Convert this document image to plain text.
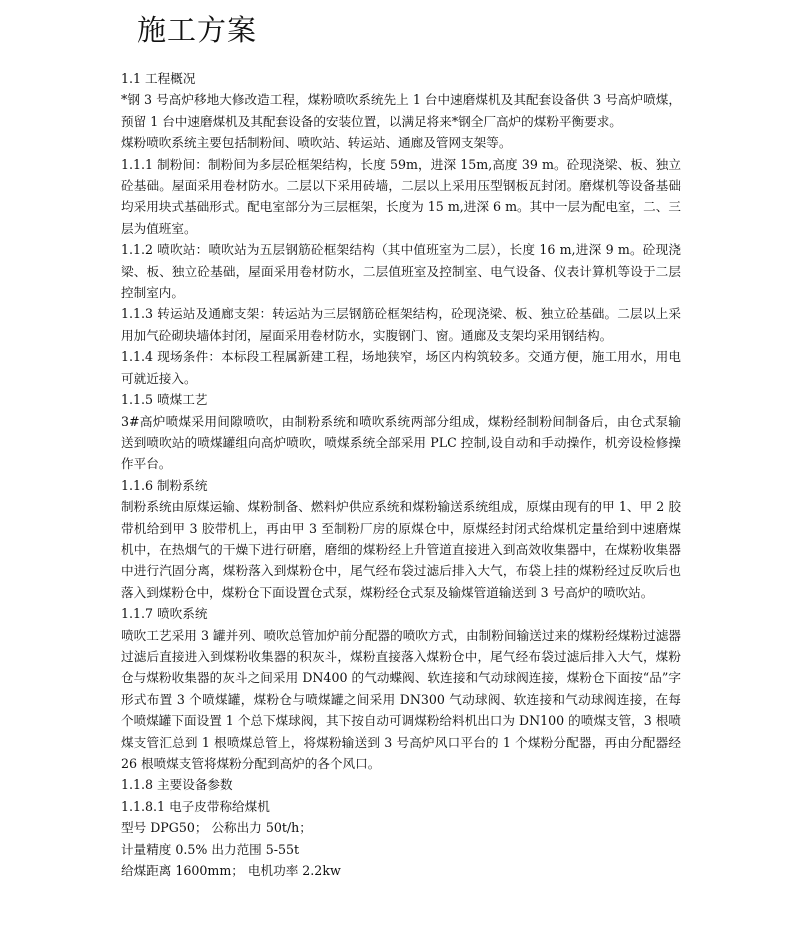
施工方案
1.1 工程概况
*钢 3 号高炉移地大修改造工程，煤粉喷吹系统先上 1 台中速磨煤机及其配套设备供 3 号高炉喷煤，预留 1 台中速磨煤机及其配套设备的安装位置，以满足将来*钢全厂高炉的煤粉平衡要求。
煤粉喷吹系统主要包括制粉间、喷吹站、转运站、通廊及管网支架等。
1.1.1 制粉间：制粉间为多层砼框架结构，长度 59m，进深 15m,高度 39 m。砼现浇梁、板、独立砼基础。屋面采用卷材防水。二层以下采用砖墙，二层以上采用压型钢板瓦封闭。磨煤机等设备基础均采用块式基础形式。配电室部分为三层框架，长度为 15 m,进深 6 m。其中一层为配电室，二、三层为值班室。
1.1.2 喷吹站：喷吹站为五层钢筋砼框架结构（其中值班室为二层），长度 16 m,进深 9 m。砼现浇梁、板、独立砼基础，屋面采用卷材防水，二层值班室及控制室、电气设备、仪表计算机等设于二层控制室内。
1.1.3 转运站及通廊支架：转运站为三层钢筋砼框架结构，砼现浇梁、板、独立砼基础。二层以上采用加气砼砌块墙体封闭，屋面采用卷材防水，实腹钢门、窗。通廊及支架均采用钢结构。
1.1.4 现场条件：本标段工程属新建工程，场地狭窄，场区内构筑较多。交通方便，施工用水，用电可就近接入。
1.1.5 喷煤工艺
3#高炉喷煤采用间隙喷吹，由制粉系统和喷吹系统两部分组成，煤粉经制粉间制备后，由仓式泵输送到喷吹站的喷煤罐组向高炉喷吹，喷煤系统全部采用 PLC 控制,设自动和手动操作，机旁设检修操作平台。
1.1.6 制粉系统
制粉系统由原煤运输、煤粉制备、燃料炉供应系统和煤粉输送系统组成，原煤由现有的甲 1、甲 2 胶带机给到甲 3 胶带机上，再由甲 3 至制粉厂房的原煤仓中，原煤经封闭式给煤机定量给到中速磨煤机中，在热烟气的干燥下进行研磨，磨细的煤粉经上升管道直接进入到高效收集器中，在煤粉收集器中进行汽固分离，煤粉落入到煤粉仓中，尾气经布袋过滤后排入大气，布袋上挂的煤粉经过反吹后也落入到煤粉仓中，煤粉仓下面设置仓式泵，煤粉经仓式泵及输煤管道输送到 3 号高炉的喷吹站。
1.1.7 喷吹系统
喷吹工艺采用 3 罐并列、喷吹总管加炉前分配器的喷吹方式，由制粉间输送过来的煤粉经煤粉过滤器过滤后直接进入到煤粉收集器的积灰斗，煤粉直接落入煤粉仓中，尾气经布袋过滤后排入大气，煤粉仓与煤粉收集器的灰斗之间采用 DN400 的气动蝶阀、软连接和气动球阀连接，煤粉仓下面按“品”字形式布置 3 个喷煤罐，煤粉仓与喷煤罐之间采用 DN300 气动球阀、软连接和气动球阀连接，在每个喷煤罐下面设置 1 个总下煤球阀，其下按自动可调煤粉给料机出口为 DN100 的喷煤支管，3 根喷煤支管汇总到 1 根喷煤总管上，将煤粉输送到 3 号高炉风口平台的 1 个煤粉分配器，再由分配器经 26 根喷煤支管将煤粉分配到高炉的各个风口。
1.1.8 主要设备参数
1.1.8.1 电子皮带称给煤机
型号 DPG50； 公称出力 50t/h；
计量精度 0.5% 出力范围 5-55t
给煤距离 1600mm； 电机功率 2.2kw
